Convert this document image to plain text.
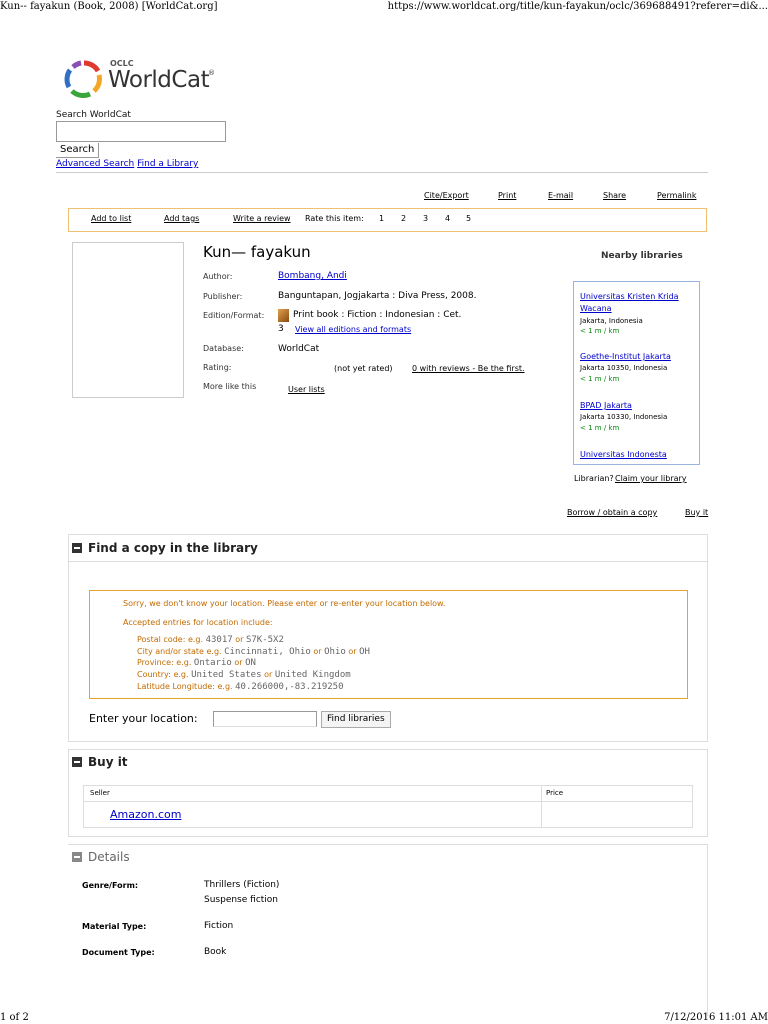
Kun-- fayakun (Book, 2008) [WorldCat.org]	https://www.worldcat.org/title/kun-fayakun/oclc/369688491?referer=di&...
OCLC
WorldCat
®
Search WorldCat
Search
Advanced Search Find a Library
Cite/Export	Print	E-mail	Share	Permalink
Add to list	Add tags	Write a review Rate this item: 1 2 3 4 5
Kun— fayakun
Author:	Bombang, Andi
Publisher:	Banguntapan, Jogjakarta : Diva Press, 2008.
Edition/Format:	Print book : Fiction : Indonesian : Cet.
3 View all editions and formats
Database:	WorldCat
Rating:	(not yet rated) 0 with reviews - Be the first.
More like this	User lists
Nearby libraries
Universitas Kristen Krida
Wacana
Jakarta, Indonesia
< 1 m / km
Goethe-Institut Jakarta
Jakarta 10350, Indonesia
< 1 m / km
BPAD Jakarta
Jakarta 10330, Indonesia
< 1 m / km
Universitas Indonesta
Librarian? Claim your library
Borrow / obtain a copy	Buy it
Find a copy in the library
Sorry, we don't know your location. Please enter or re-enter your location below.
Accepted entries for location include:
Postal code: e.g. 43017 or S7K-5X2
City and/or state e.g. Cincinnati, Ohio or Ohio or OH
Province: e.g. Ontario or ON
Country: e.g. United States or United Kingdom
Latitude Longitude: e.g. 40.266000,-83.219250
Enter your location:	Find libraries
Buy it
Seller	Price
Amazon.com
Details
Genre/Form:	Thrillers (Fiction)
Suspense fiction
Material Type:	Fiction
Document Type:	Book
1 of 2	7/12/2016 11:01 AM
